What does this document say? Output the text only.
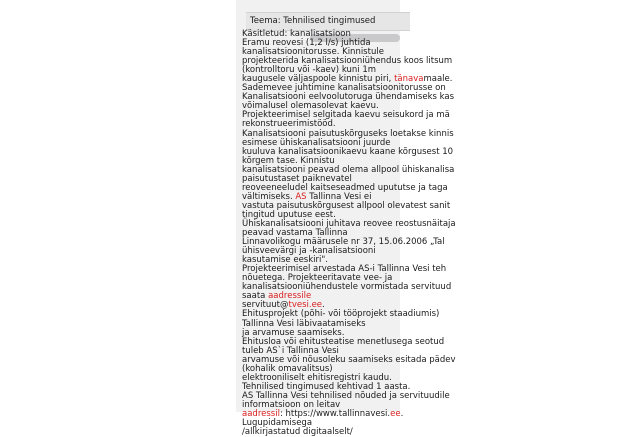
Teema: Tehnilised tingimused
Käsitletud: kanalisatsioon
Eramu reovesi (1,2 l/s) juhtida
kanalisatsioonitorusse. Kinnistule
projekteerida kanalisatsiooniühendus koos litsum
(kontrolltoru või -kaev) kuni 1m
kaugusele väljaspoole kinnistu piri, tänavamaale.
Sademevee juhtimine kanalisatsioonitorusse on
Kanalisatsiooni eelvoolutoruga ühendamiseks kas
võimalusel olemasolevat kaevu.
Projekteerimisel selgitada kaevu seisukord ja mä
rekonstrueerimistööd.
Kanalisatsiooni paisutuskõrguseks loetakse kinnis
esimese ühiskanalisatsiooni juurde
kuuluva kanalisatsioonikaevu kaane kõrgusest 10
kõrgem tase. Kinnistu
kanalisatsiooni peavad olema allpool ühiskanalisa
paisutustaset paiknevatel
reoveeneeludel kaitseseadmed upututse ja taga
vältimiseks. AS Tallinna Vesi ei
vastuta paisutuskõrgusest allpool olevatest sanit
tingitud uputuse eest.
Ühiskanalisatsiooni juhitava reovee reostusnäitaja
peavad vastama Tallinna
Linnavolikogu määrusele nr 37, 15.06.2006 „Tal
ühisveevärgi ja -kanalisatsiooni
kasutamise eeskiri".
Projekteerimisel arvestada AS-i Tallinna Vesi teh
nõuetega. Projekteeritavate vee- ja
kanalisatsiooniühendustele vormistada servituud
saata aadressile
servituut@tvesi.ee.
Ehitusprojekt (põhi- või tööprojekt staadiumis)
Tallinna Vesi läbivaatamiseks
ja arvamuse saamiseks.
Ehitusloa või ehitusteatise menetlusega seotud
tuleb AS`i Tallinna Vesi
arvamuse või nõusoleku saamiseks esitada pädev
(kohalik omavalitsus)
elektrooniliselt ehitisregistri kaudu.
Tehnilised tingimused kehtivad 1 aasta.
AS Tallinna Vesi tehnilised nõuded ja servituudile
informatsioon on leitav
aadressil: https://www.tallinnavesi.ee.
Lugupidamisega
/allkirjastatud digitaalselt/
